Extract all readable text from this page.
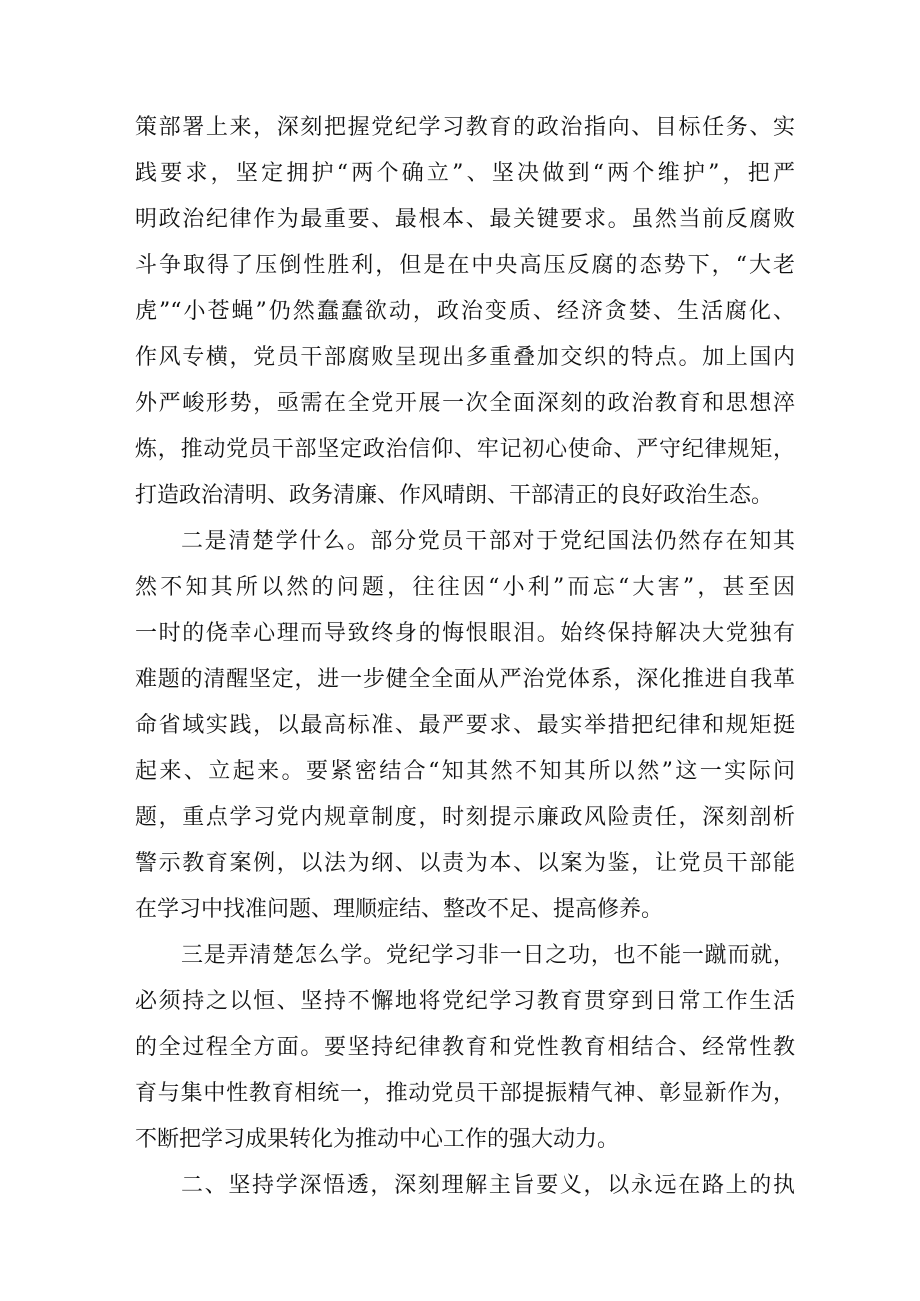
策部署上来，深刻把握党纪学习教育的政治指向、目标任务、实
践要求，坚定拥护“两个确立”、坚决做到“两个维护”，把严
明政治纪律作为最重要、最根本、最关键要求。虽然当前反腐败
斗争取得了压倒性胜利，但是在中央高压反腐的态势下，“大老
虎”“小苍蝇”仍然蠢蠢欲动，政治变质、经济贪婪、生活腐化、
作风专横，党员干部腐败呈现出多重叠加交织的特点。加上国内
外严峻形势，亟需在全党开展一次全面深刻的政治教育和思想淬
炼，推动党员干部坚定政治信仰、牢记初心使命、严守纪律规矩，
打造政治清明、政务清廉、作风晴朗、干部清正的良好政治生态。
二是清楚学什么。部分党员干部对于党纪国法仍然存在知其
然不知其所以然的问题，往往因“小利”而忘“大害”，甚至因
一时的侥幸心理而导致终身的悔恨眼泪。始终保持解决大党独有
难题的清醒坚定，进一步健全全面从严治党体系，深化推进自我革
命省域实践，以最高标准、最严要求、最实举措把纪律和规矩挺
起来、立起来。要紧密结合“知其然不知其所以然”这一实际问
题，重点学习党内规章制度，时刻提示廉政风险责任，深刻剖析
警示教育案例，以法为纲、以责为本、以案为鉴，让党员干部能
在学习中找准问题、理顺症结、整改不足、提高修养。
三是弄清楚怎么学。党纪学习非一日之功，也不能一蹴而就，
必须持之以恒、坚持不懈地将党纪学习教育贯穿到日常工作生活
的全过程全方面。要坚持纪律教育和党性教育相结合、经常性教
育与集中性教育相统一，推动党员干部提振精气神、彰显新作为，
不断把学习成果转化为推动中心工作的强大动力。
二、坚持学深悟透，深刻理解主旨要义，以永远在路上的执
